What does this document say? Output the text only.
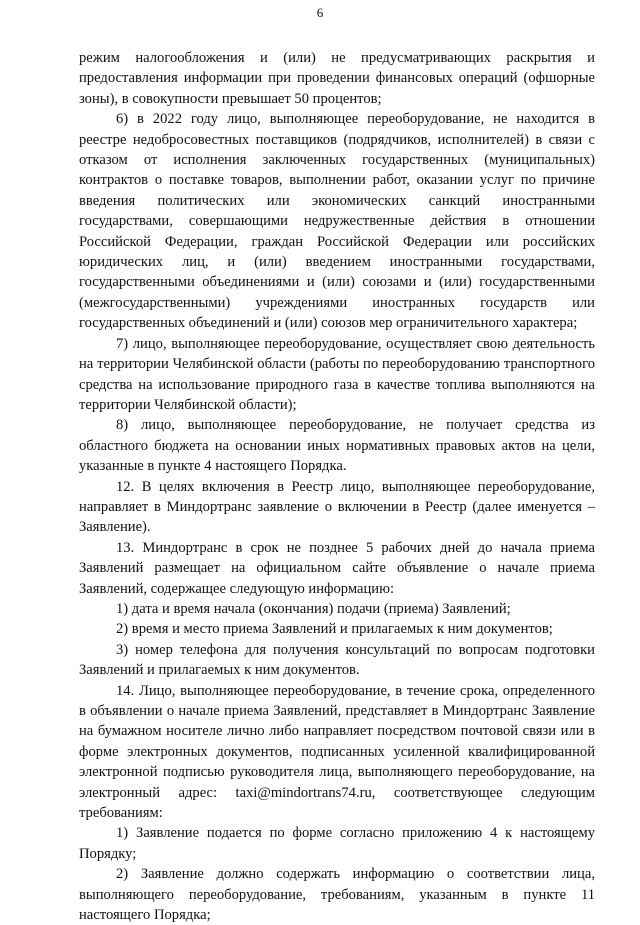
6

режим налогообложения и (или) не предусматривающих раскрытия и предоставления информации при проведении финансовых операций (офшорные зоны), в совокупности превышает 50 процентов;

6) в 2022 году лицо, выполняющее переоборудование, не находится в реестре недобросовестных поставщиков (подрядчиков, исполнителей) в связи с отказом от исполнения заключенных государственных (муниципальных) контрактов о поставке товаров, выполнении работ, оказании услуг по причине введения политических или экономических санкций иностранными государствами, совершающими недружественные действия в отношении Российской Федерации, граждан Российской Федерации или российских юридических лиц, и (или) введением иностранными государствами, государственными объединениями и (или) союзами и (или) государственными (межгосударственными) учреждениями иностранных государств или государственных объединений и (или) союзов мер ограничительного характера;

7) лицо, выполняющее переоборудование, осуществляет свою деятельность на территории Челябинской области (работы по переоборудованию транспортного средства на использование природного газа в качестве топлива выполняются на территории Челябинской области);

8) лицо, выполняющее переоборудование, не получает средства из областного бюджета на основании иных нормативных правовых актов на цели, указанные в пункте 4 настоящего Порядка.

12. В целях включения в Реестр лицо, выполняющее переоборудование, направляет в Миндортранс заявление о включении в Реестр (далее именуется – Заявление).

13. Миндортранс в срок не позднее 5 рабочих дней до начала приема Заявлений размещает на официальном сайте объявление о начале приема Заявлений, содержащее следующую информацию:

1) дата и время начала (окончания) подачи (приема) Заявлений;

2) время и место приема Заявлений и прилагаемых к ним документов;

3) номер телефона для получения консультаций по вопросам подготовки Заявлений и прилагаемых к ним документов.

14. Лицо, выполняющее переоборудование, в течение срока, определенного в объявлении о начале приема Заявлений, представляет в Миндортранс Заявление на бумажном носителе лично либо направляет посредством почтовой связи или в форме электронных документов, подписанных усиленной квалифицированной электронной подписью руководителя лица, выполняющего переоборудование, на электронный адрес: taxi@mindortrans74.ru, соответствующее следующим требованиям:

1) Заявление подается по форме согласно приложению 4 к настоящему Порядку;

2) Заявление должно содержать информацию о соответствии лица, выполняющего переоборудование, требованиям, указанным в пункте 11 настоящего Порядка;
